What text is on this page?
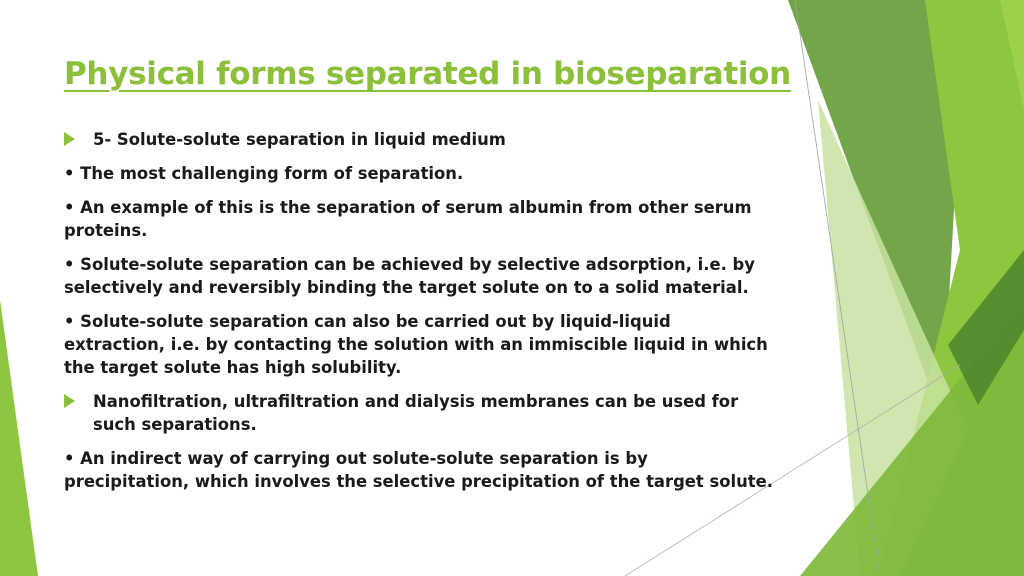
Physical forms separated in bioseparation
5- Solute-solute separation in liquid medium
• The most challenging form of separation.
• An example of this is the separation of serum albumin from other serum proteins.
• Solute-solute separation can be achieved by selective adsorption, i.e. by selectively and reversibly binding the target solute on to a solid material.
• Solute-solute separation can also be carried out by liquid-liquid extraction, i.e. by contacting the solution with an immiscible liquid in which the target solute has high solubility.
Nanofiltration, ultrafiltration and dialysis membranes can be used for such separations.
• An indirect way of carrying out solute-solute separation is by precipitation, which involves the selective precipitation of the target solute.
